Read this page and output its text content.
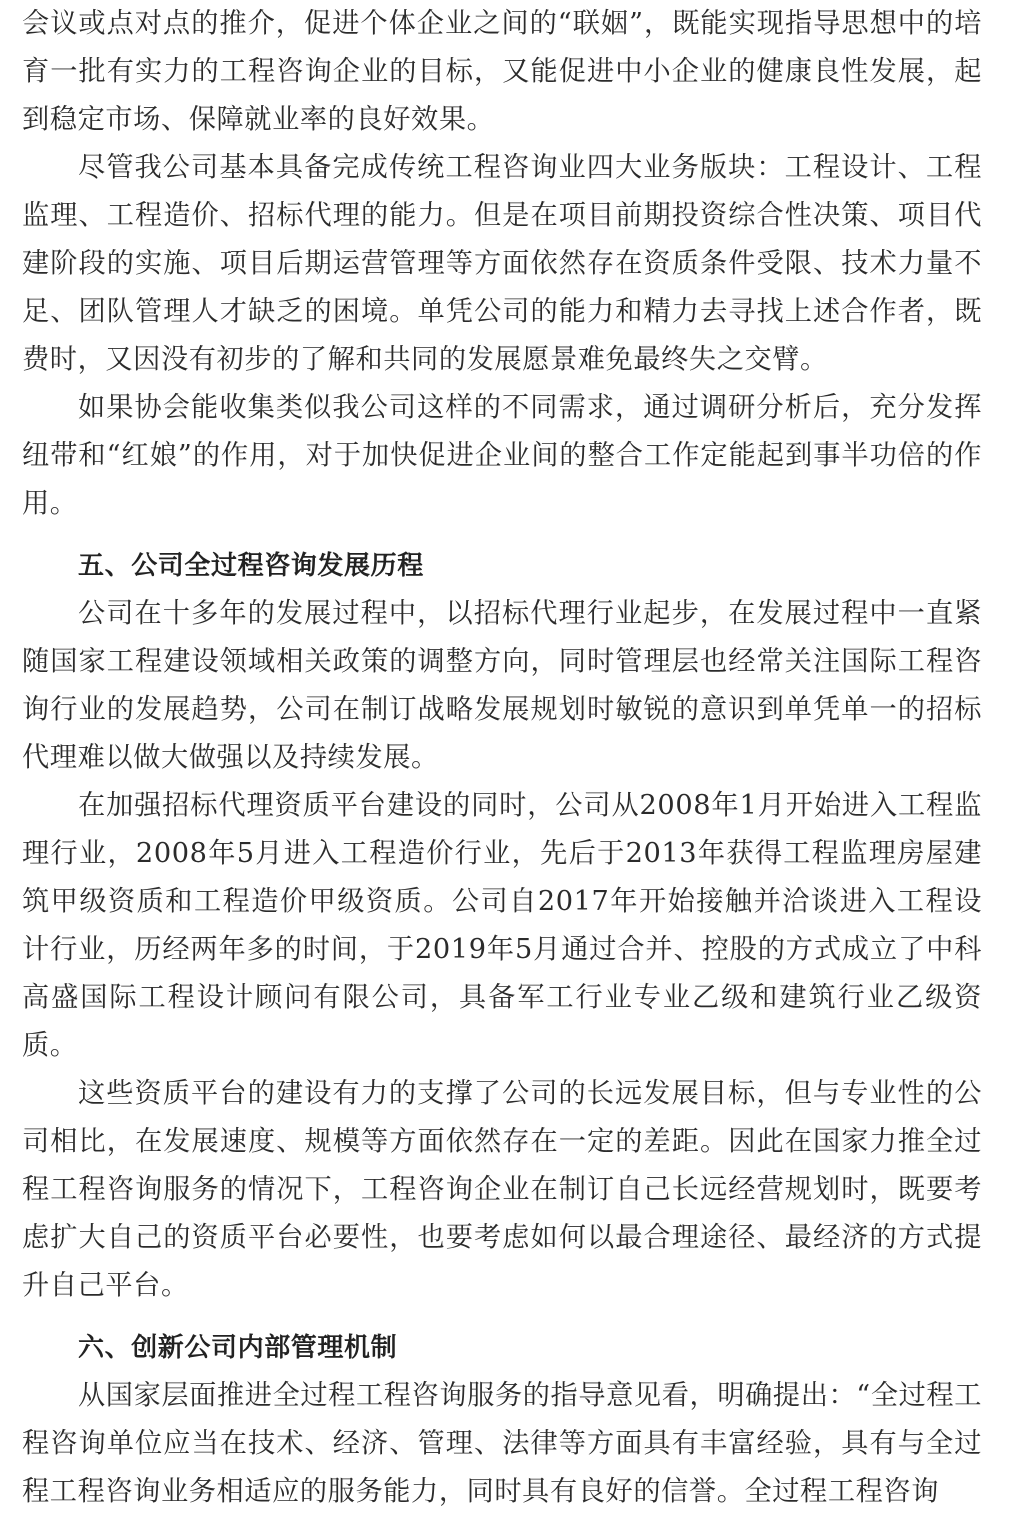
会议或点对点的推介，促进个体企业之间的“联姻”，既能实现指导思想中的培育一批有实力的工程咨询企业的目标，又能促进中小企业的健康良性发展，起到稳定市场、保障就业率的良好效果。

尽管我公司基本具备完成传统工程咨询业四大业务版块：工程设计、工程监理、工程造价、招标代理的能力。但是在项目前期投资综合性决策、项目代建阶段的实施、项目后期运营管理等方面依然存在资质条件受限、技术力量不足、团队管理人才缺乏的困境。单凭公司的能力和精力去寻找上述合作者，既费时，又因没有初步的了解和共同的发展愿景难免最终失之交臂。

如果协会能收集类似我公司这样的不同需求，通过调研分析后，充分发挥纽带和“红娘”的作用，对于加快促进企业间的整合工作定能起到事半功倍的作用。

五、公司全过程咨询发展历程

公司在十多年的发展过程中，以招标代理行业起步，在发展过程中一直紧随国家工程建设领域相关政策的调整方向，同时管理层也经常关注国际工程咨询行业的发展趋势，公司在制订战略发展规划时敏锐的意识到单凭单一的招标代理难以做大做强以及持续发展。

在加强招标代理资质平台建设的同时，公司从2008年1月开始进入工程监理行业，2008年5月进入工程造价行业，先后于2013年获得工程监理房屋建筑甲级资质和工程造价甲级资质。公司自2017年开始接触并洽谈进入工程设计行业，历经两年多的时间，于2019年5月通过合并、控股的方式成立了中科高盛国际工程设计顾问有限公司，具备军工行业专业乙级和建筑行业乙级资质。

这些资质平台的建设有力的支撑了公司的长远发展目标，但与专业性的公司相比，在发展速度、规模等方面依然存在一定的差距。因此在国家力推全过程工程咨询服务的情况下，工程咨询企业在制订自己长远经营规划时，既要考虑扩大自己的资质平台必要性，也要考虑如何以最合理途径、最经济的方式提升自己平台。

六、创新公司内部管理机制

从国家层面推进全过程工程咨询服务的指导意见看，明确提出：“全过程工程咨询单位应当在技术、经济、管理、法律等方面具有丰富经验，具有与全过程工程咨询业务相适应的服务能力，同时具有良好的信誉。全过程工程咨询
